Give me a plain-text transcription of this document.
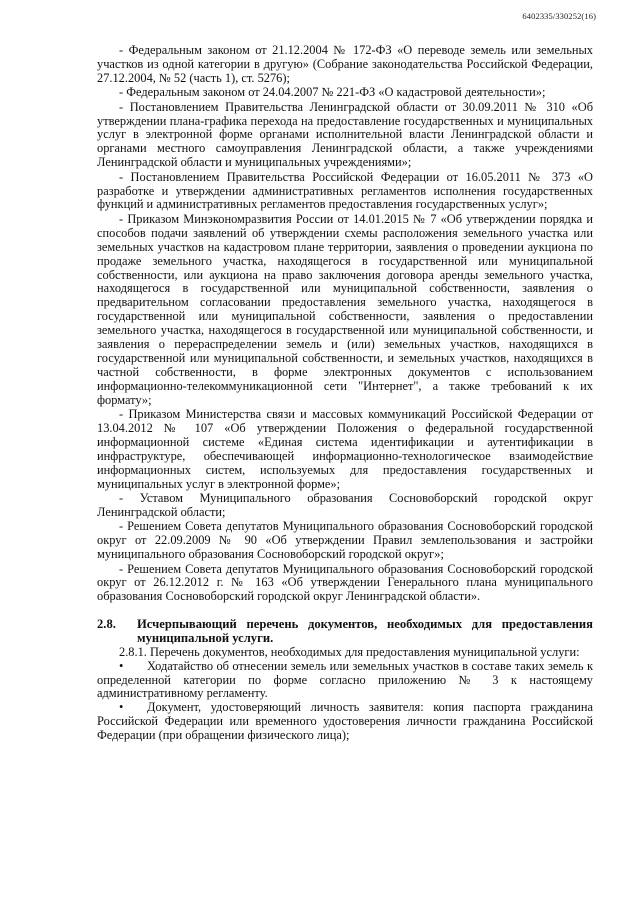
6402335/330252(16)

- Федеральным законом от 21.12.2004 № 172-ФЗ «О переводе земель или земельных участков из одной категории в другую» (Собрание законодательства Российской Федерации, 27.12.2004, № 52 (часть 1), ст. 5276);

- Федеральным законом от 24.04.2007 № 221-ФЗ «О кадастровой деятельности»;

- Постановлением Правительства Ленинградской области от 30.09.2011 № 310 «Об утверждении плана-графика перехода на предоставление государственных и муниципальных услуг в электронной форме органами исполнительной власти Ленинградской области и органами местного самоуправления Ленинградской области, а также учреждениями Ленинградской области и муниципальных учреждениями»;

- Постановлением Правительства Российской Федерации от 16.05.2011 № 373 «О разработке и утверждении административных регламентов исполнения государственных функций и административных регламентов предоставления государственных услуг»;

- Приказом Минэкономразвития России от 14.01.2015 № 7 «Об утверждении порядка и способов подачи заявлений об утверждении схемы расположения земельного участка или земельных участков на кадастровом плане территории, заявления о проведении аукциона по продаже земельного участка, находящегося в государственной или муниципальной собственности, или аукциона на право заключения договора аренды земельного участка, находящегося в государственной или муниципальной собственности, заявления о предварительном согласовании предоставления земельного участка, находящегося в государственной или муниципальной собственности, заявления о предоставлении земельного участка, находящегося в государственной или муниципальной собственности, и заявления о перераспределении земель и (или) земельных участков, находящихся в государственной или муниципальной собственности, и земельных участков, находящихся в частной собственности, в форме электронных документов с использованием информационно-телекоммуникационной сети "Интернет", а также требований к их формату»;

- Приказом Министерства связи и массовых коммуникаций Российской Федерации от 13.04.2012 № 107 «Об утверждении Положения о федеральной государственной информационной системе «Единая система идентификации и аутентификации в инфраструктуре, обеспечивающей информационно-технологическое взаимодействие информационных систем, используемых для предоставления государственных и муниципальных услуг в электронной форме»;

- Уставом Муниципального образования Сосновоборский городской округ Ленинградской области;

- Решением Совета депутатов Муниципального образования Сосновоборский городской округ от 22.09.2009 № 90 «Об утверждении Правил землепользования и застройки муниципального образования Сосновоборский городской округ»;

- Решением Совета депутатов Муниципального образования Сосновоборский городской округ от 26.12.2012 г. № 163 «Об утверждении Генерального плана муниципального образования Сосновоборский городской округ Ленинградской области».

2.8.	Исчерпывающий перечень документов, необходимых для предоставления муниципальной услуги.

2.8.1. Перечень документов, необходимых для предоставления муниципальной услуги:

• Ходатайство об отнесении земель или земельных участков в составе таких земель к определенной категории по форме согласно приложению № 3 к настоящему административному регламенту.

• Документ, удостоверяющий личность заявителя: копия паспорта гражданина Российской Федерации или временного удостоверения личности гражданина Российской Федерации (при обращении физического лица);
